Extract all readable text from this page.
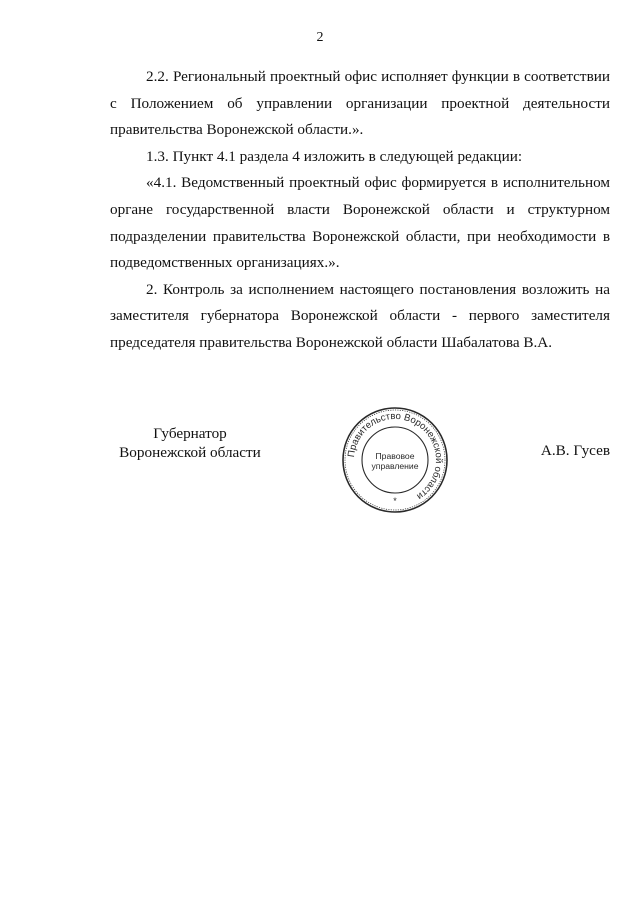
2

2.2. Региональный проектный офис исполняет функции в соответствии с Положением об управлении организации проектной деятельности правительства Воронежской области.».

1.3. Пункт 4.1 раздела 4 изложить в следующей редакции:

«4.1. Ведомственный проектный офис формируется в исполнительном органе государственной власти Воронежской области и структурном подразделении правительства Воронежской области, при необходимости в подведомственных организациях.».

2. Контроль за исполнением настоящего постановления возложить на заместителя губернатора Воронежской области - первого заместителя председателя правительства Воронежской области Шабалатова В.А.

Губернатор
Воронежской области	Правительство Воронежской области
Правовое
управление
*
А.В. Гусев
